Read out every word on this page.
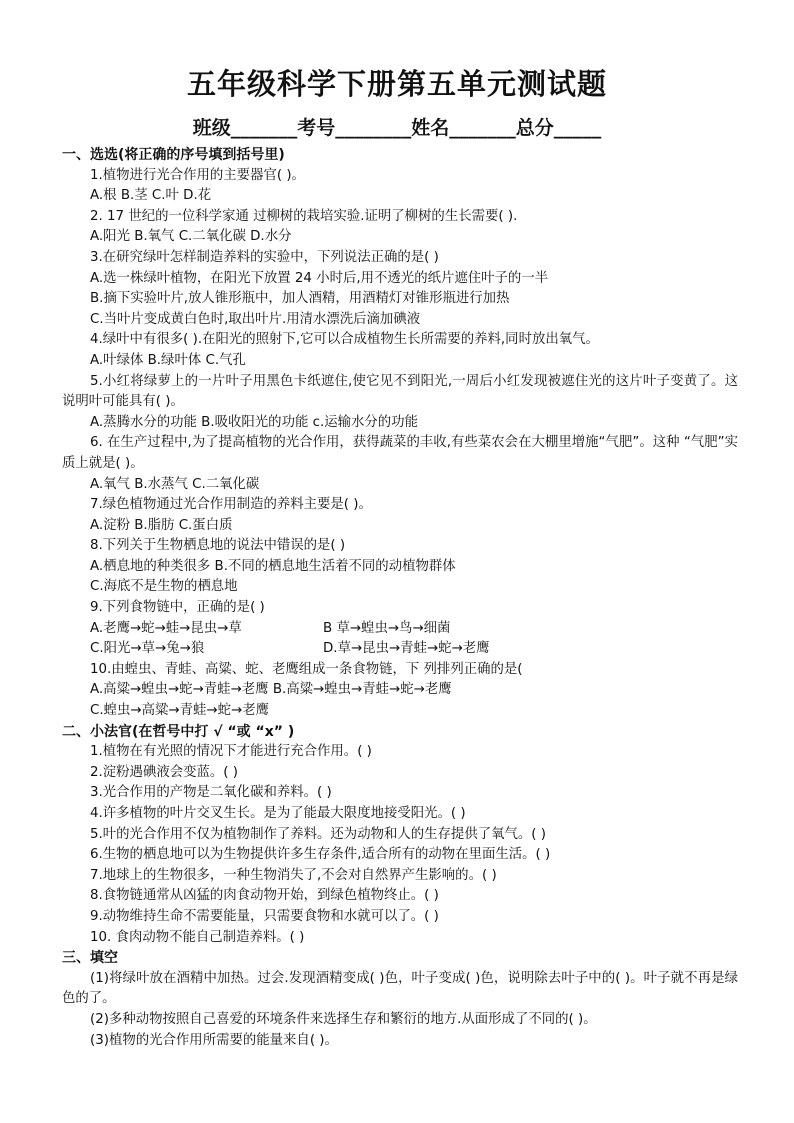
五年级科学下册第五单元测试题
班级_______考号________姓名_______总分_____
一、选选(将正确的序号填到括号里)
1.植物进行光合作用的主要器官( )。
A.根 B.茎 C.叶 D.花
2. 17 世纪的一位科学家通 过柳树的栽培实验.证明了柳树的生长需要( ).
A.阳光 B.氧气 C.二氧化碳 D.水分
3.在研究绿叶怎样制造养料的实验中，下列说法正确的是( )
A.选一株绿叶植物，在阳光下放置 24 小时后,用不透光的纸片遮住叶子的一半
B.摘下实验叶片,放人锥形瓶中，加人酒精，用酒精灯对锥形瓶进行加热
C.当叶片变成黄白色时,取出叶片.用清水漂洗后滴加碘液
4.绿叶中有很多( ).在阳光的照射下,它可以合成植物生长所需要的养料,同时放出氧气。
A.叶绿体 B.绿叶体 C.气孔
5.小红将绿萝上的一片叶子用黑色卡纸遮住,使它见不到阳光,一周后小红发现被遮住光的这片叶子变黄了。这说明叶可能具有( )。
A.蒸腾水分的功能 B.吸收阳光的功能 c.运输水分的功能
6. 在生产过程中,为了提高植物的光合作用，获得蔬菜的丰收,有些菜农会在大棚里增施“气肥”。这种 “气肥”实质上就是( )。
A.氧气 B.水蒸气 C.二氧化碳
7.绿色植物通过光合作用制造的养料主要是( )。
A.淀粉 B.脂肪 C.蛋白质
8.下列关于生物栖息地的说法中错误的是( )
A.栖息地的种类很多 B.不同的栖息地生活着不同的动植物群体
C.海底不是生物的栖息地
9.下列食物链中，正确的是( )
A.老鹰→蛇→蛙→昆虫→草	B 草→蝗虫→鸟→细菌
C.阳光→草→兔→狼	D.草→昆虫→青蛙→蛇→老鹰
10.由蝗虫、青蛙、高粱、蛇、老鹰组成一条食物链，下 列排列正确的是(
A.高粱→蝗虫→蛇→青蛙→老鹰 B.高粱→蝗虫→青蛙→蛇→老鹰
C.蝗虫→高粱→青蛙→蛇→老鹰
二、小法官(在哲号中打 √ “或 “x” )
1.植物在有光照的情况下才能进行充合作用。( )
2.淀粉遇碘液会变蓝。( )
3.光合作用的产物是二氧化碳和养料。( )
4.许多植物的叶片交叉生长。是为了能最大限度地接受阳光。( )
5.叶的光合作用不仅为植物制作了养料。还为动物和人的生存提供了氧气。( )
6.生物的栖息地可以为生物提供许多生存条件,适合所有的动物在里面生活。( )
7.地球上的生物很多，一种生物消失了,不会对自然界产生影响的。( )
8.食物链通常从凶猛的肉食动物开始，到绿色植物终止。( )
9.动物维持生命不需要能量，只需要食物和水就可以了。( )
10. 食肉动物不能自己制造养料。( )
三、填空
(1)将绿叶放在酒精中加热。过会.发现酒精变成( )色，叶子变成( )色，说明除去叶子中的( )。叶子就不再是绿色的了。
(2)多种动物按照自己喜爱的环境条件来选择生存和繁衍的地方.从面形成了不同的( )。
(3)植物的光合作用所需要的能量来自( )。
